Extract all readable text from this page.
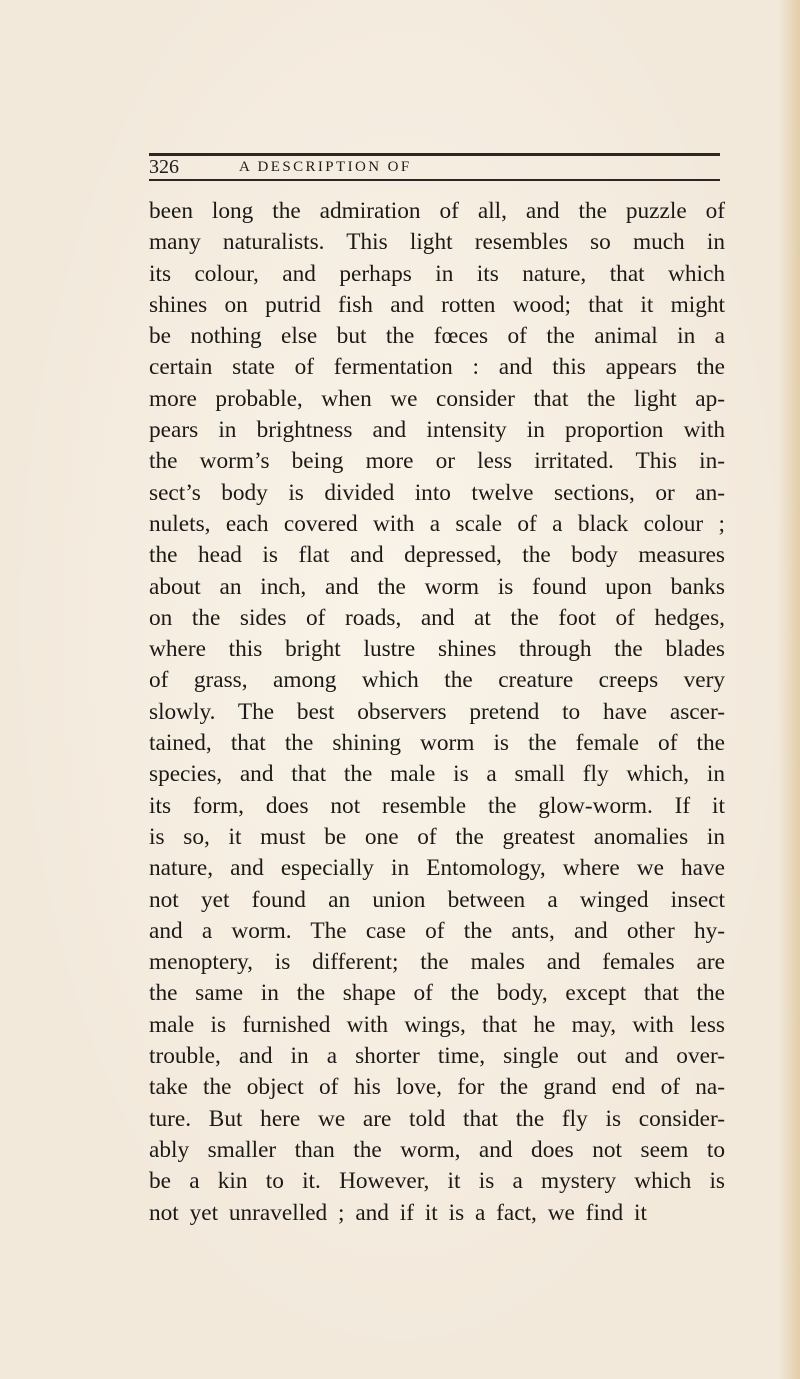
326	A DESCRIPTION OF
been long the admiration of all, and the puzzle of
many naturalists. This light resembles so much in
its colour, and perhaps in its nature, that which
shines on putrid fish and rotten wood; that it might
be nothing else but the fœces of the animal in a
certain state of fermentation : and this appears the
more probable, when we consider that the light ap-
pears in brightness and intensity in proportion with
the worm’s being more or less irritated. This in-
sect’s body is divided into twelve sections, or an-
nulets, each covered with a scale of a black colour ;
the head is flat and depressed, the body measures
about an inch, and the worm is found upon banks
on the sides of roads, and at the foot of hedges,
where this bright lustre shines through the blades
of grass, among which the creature creeps very
slowly. The best observers pretend to have ascer-
tained, that the shining worm is the female of the
species, and that the male is a small fly which, in
its form, does not resemble the glow-worm. If it
is so, it must be one of the greatest anomalies in
nature, and especially in Entomology, where we have
not yet found an union between a winged insect
and a worm. The case of the ants, and other hy-
menoptery, is different; the males and females are
the same in the shape of the body, except that the
male is furnished with wings, that he may, with less
trouble, and in a shorter time, single out and over-
take the object of his love, for the grand end of na-
ture. But here we are told that the fly is consider-
ably smaller than the worm, and does not seem to
be a kin to it. However, it is a mystery which is
not yet unravelled ; and if it is a fact, we find it
